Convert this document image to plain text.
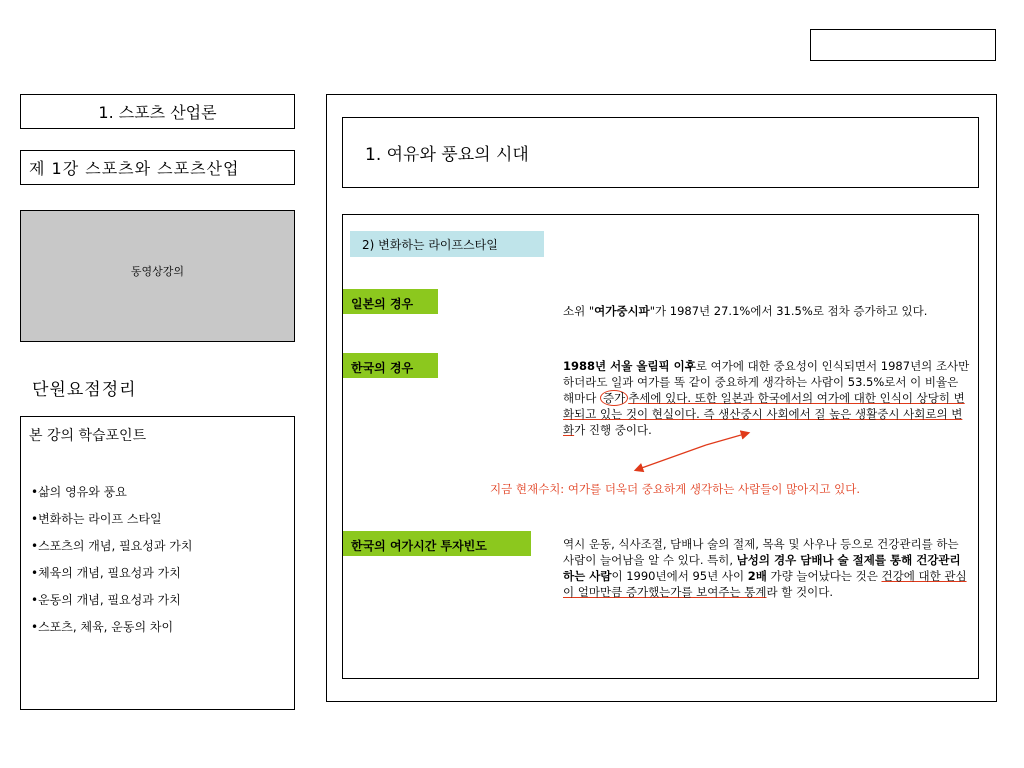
1. 스포츠 산업론
제 1강 스포츠와 스포츠산업
동영상강의
단원요점정리
본 강의 학습포인트
•삶의 영유와 풍요
•변화하는 라이프 스타일
•스포츠의 개념, 필요성과 가치
•체육의 개념, 필요성과 가치
•운동의 개념, 필요성과 가치
•스포츠, 체육, 운동의 차이
1. 여유와 풍요의 시대
2) 변화하는 라이프스타일
일본의 경우	소위 "여가중시파"가 1987년 27.1%에서 31.5%로 점차 증가하고 있다.
한국의 경우	1988년 서울 올림픽 이후로 여가에 대한 중요성이 인식되면서 1987년의 조사만 하더라도 일과 여가를 똑 같이 중요하게 생각하는 사람이 53.5%로서 이 비율은 해마다 증가 추세에 있다. 또한 일본과 한국에서의 여가에 대한 인식이 상당히 변화되고 있는 것이 현실이다. 즉 생산중시 사회에서 질 높은 생활중시 사회로의 변화가 진행 중이다.
지금 현재수치: 여가를 더욱더 중요하게 생각하는 사람들이 많아지고 있다.
한국의 여가시간 투자빈도	역시 운동, 식사조절, 담배나 술의 절제, 목욕 및 사우나 등으로 건강관리를 하는 사람이 늘어남을 알 수 있다. 특히, 남성의 경우 담배나 술 절제를 통해 건강관리하는 사람이 1990년에서 95년 사이 2배 가량 늘어났다는 것은 건강에 대한 관심이 얼마만큼 증가했는가를 보여주는 통계라 할 것이다.
